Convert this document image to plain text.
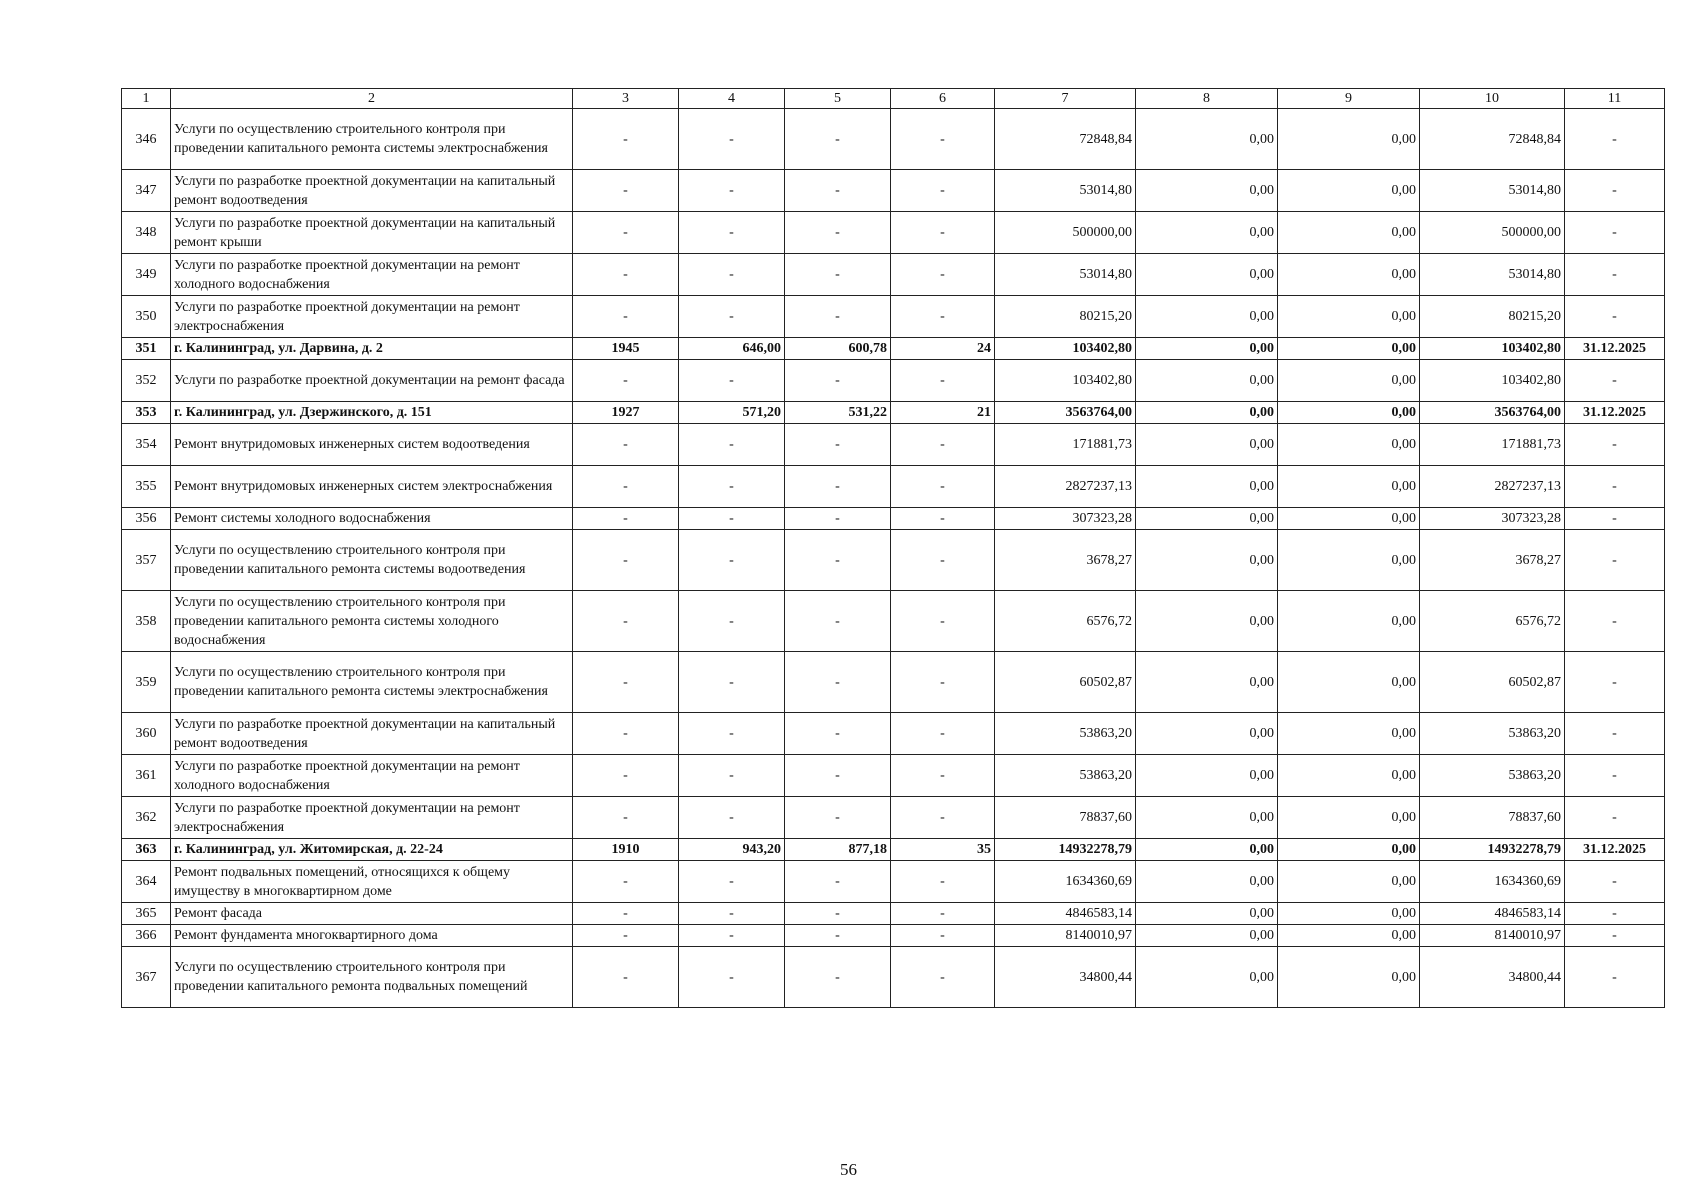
1	2	3	4	5	6	7	8	9	10	11
346	Услуги по осуществлению строительного контроля при проведении капитального ремонта системы электроснабжения	-	-	-	-	72848,84	0,00	0,00	72848,84	-
347	Услуги по разработке проектной документации на капитальный ремонт водоотведения	-	-	-	-	53014,80	0,00	0,00	53014,80	-
348	Услуги по разработке проектной документации на капитальный ремонт крыши	-	-	-	-	500000,00	0,00	0,00	500000,00	-
349	Услуги по разработке проектной документации на ремонт холодного водоснабжения	-	-	-	-	53014,80	0,00	0,00	53014,80	-
350	Услуги по разработке проектной документации на ремонт электроснабжения	-	-	-	-	80215,20	0,00	0,00	80215,20	-
351	г. Калининград, ул. Дарвина, д. 2	1945	646,00	600,78	24	103402,80	0,00	0,00	103402,80	31.12.2025
352	Услуги по разработке проектной документации на ремонт фасада	-	-	-	-	103402,80	0,00	0,00	103402,80	-
353	г. Калининград, ул. Дзержинского, д. 151	1927	571,20	531,22	21	3563764,00	0,00	0,00	3563764,00	31.12.2025
354	Ремонт внутридомовых инженерных систем водоотведения	-	-	-	-	171881,73	0,00	0,00	171881,73	-
355	Ремонт внутридомовых инженерных систем электроснабжения	-	-	-	-	2827237,13	0,00	0,00	2827237,13	-
356	Ремонт системы холодного водоснабжения	-	-	-	-	307323,28	0,00	0,00	307323,28	-
357	Услуги по осуществлению строительного контроля при проведении капитального ремонта системы водоотведения	-	-	-	-	3678,27	0,00	0,00	3678,27	-
358	Услуги по осуществлению строительного контроля при проведении капитального ремонта системы холодного водоснабжения	-	-	-	-	6576,72	0,00	0,00	6576,72	-
359	Услуги по осуществлению строительного контроля при проведении капитального ремонта системы электроснабжения	-	-	-	-	60502,87	0,00	0,00	60502,87	-
360	Услуги по разработке проектной документации на капитальный ремонт водоотведения	-	-	-	-	53863,20	0,00	0,00	53863,20	-
361	Услуги по разработке проектной документации на ремонт холодного водоснабжения	-	-	-	-	53863,20	0,00	0,00	53863,20	-
362	Услуги по разработке проектной документации на ремонт электроснабжения	-	-	-	-	78837,60	0,00	0,00	78837,60	-
363	г. Калининград, ул. Житомирская, д. 22-24	1910	943,20	877,18	35	14932278,79	0,00	0,00	14932278,79	31.12.2025
364	Ремонт подвальных помещений, относящихся к общему имуществу в многоквартирном доме	-	-	-	-	1634360,69	0,00	0,00	1634360,69	-
365	Ремонт фасада	-	-	-	-	4846583,14	0,00	0,00	4846583,14	-
366	Ремонт фундамента многоквартирного дома	-	-	-	-	8140010,97	0,00	0,00	8140010,97	-
367	Услуги по осуществлению строительного контроля при проведении капитального ремонта подвальных помещений	-	-	-	-	34800,44	0,00	0,00	34800,44	-
56
